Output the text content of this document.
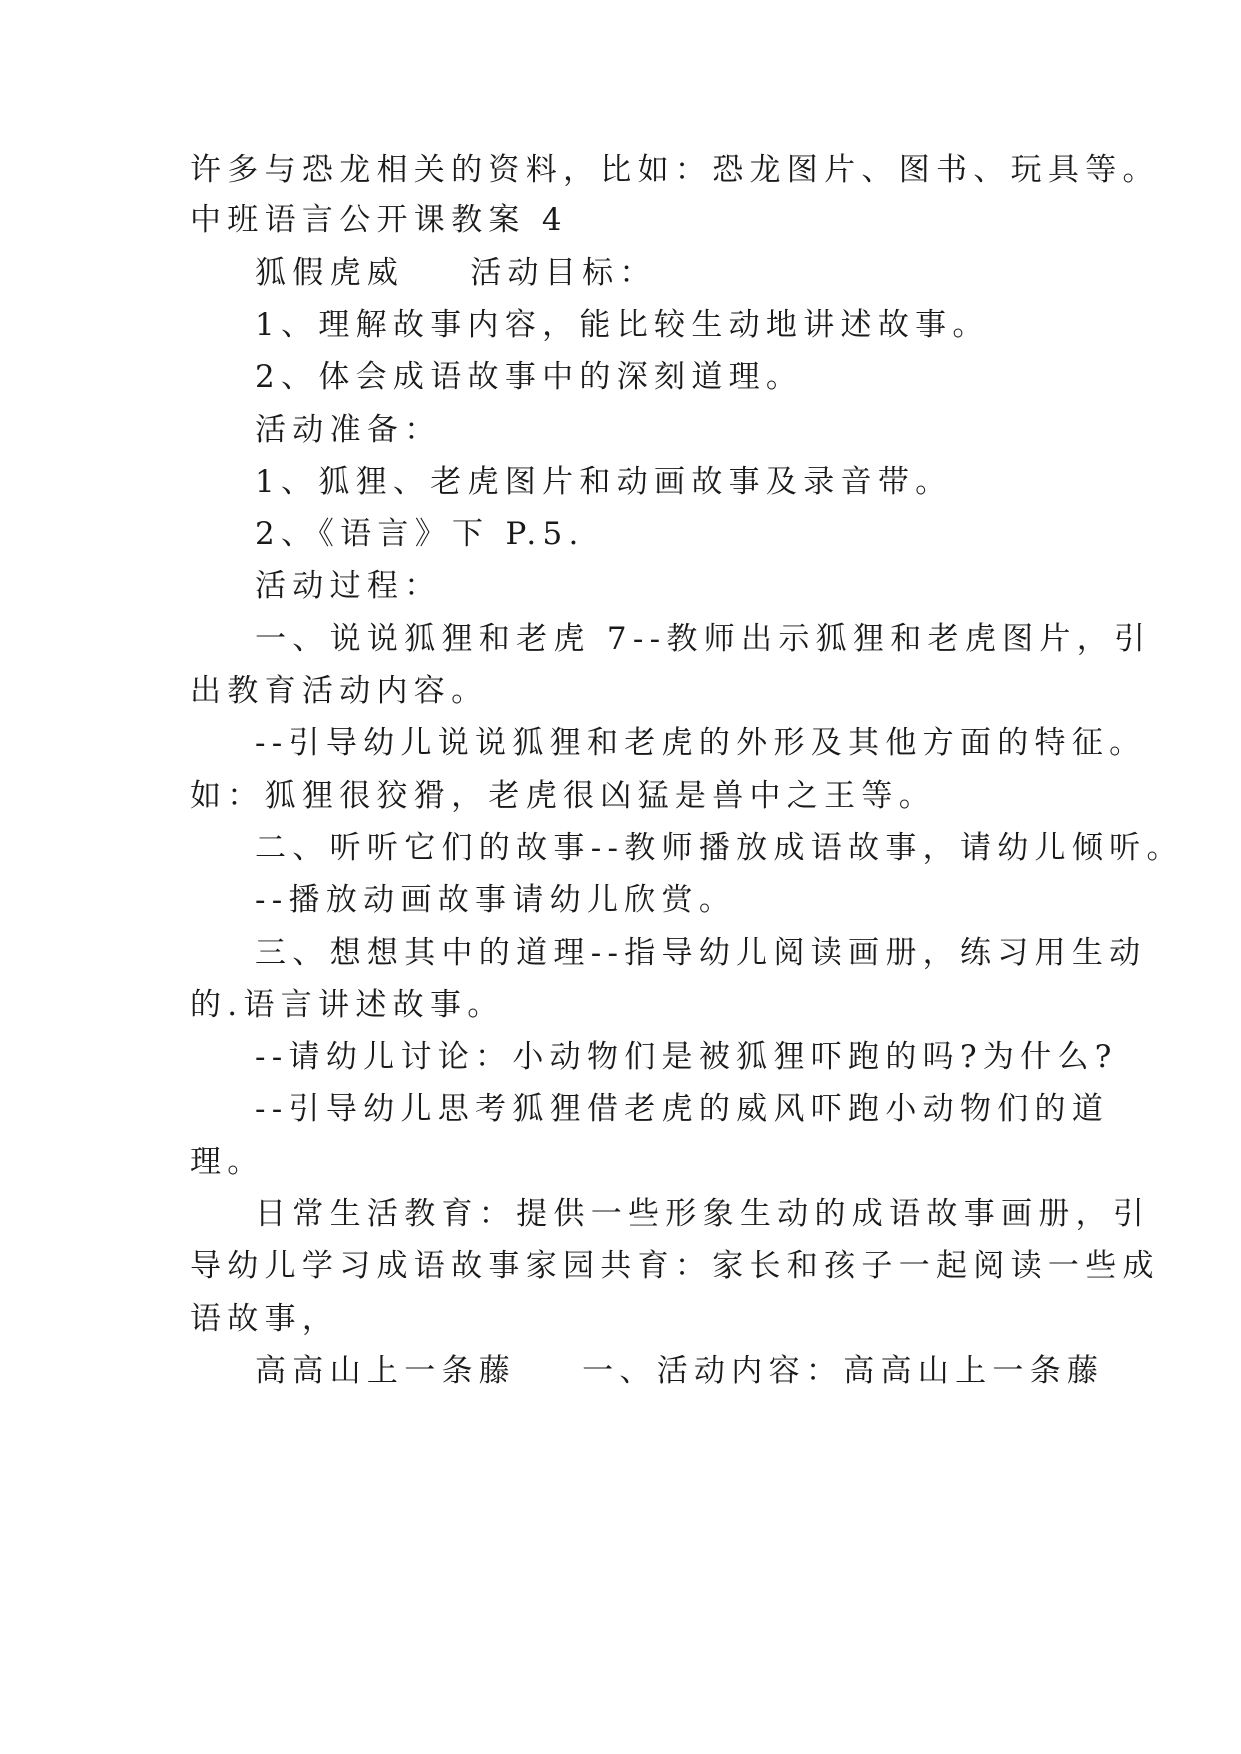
许多与恐龙相关的资料，比如：恐龙图片、图书、玩具等。
中班语言公开课教案 4
狐假虎威 活动目标：
1、理解故事内容，能比较生动地讲述故事。
2、体会成语故事中的深刻道理。
活动准备：
1、狐狸、老虎图片和动画故事及录音带。
2、《语言》下 P.5.
活动过程：
一、说说狐狸和老虎 7--教师出示狐狸和老虎图片，引
出教育活动内容。
--引导幼儿说说狐狸和老虎的外形及其他方面的特征。
如：狐狸很狡猾，老虎很凶猛是兽中之王等。
二、听听它们的故事--教师播放成语故事，请幼儿倾听。
--播放动画故事请幼儿欣赏。
三、想想其中的道理--指导幼儿阅读画册，练习用生动
的.语言讲述故事。
--请幼儿讨论：小动物们是被狐狸吓跑的吗?为什么?
--引导幼儿思考狐狸借老虎的威风吓跑小动物们的道
理。
日常生活教育：提供一些形象生动的成语故事画册，引
导幼儿学习成语故事家园共育：家长和孩子一起阅读一些成
语故事，
高高山上一条藤 一、活动内容：高高山上一条藤
